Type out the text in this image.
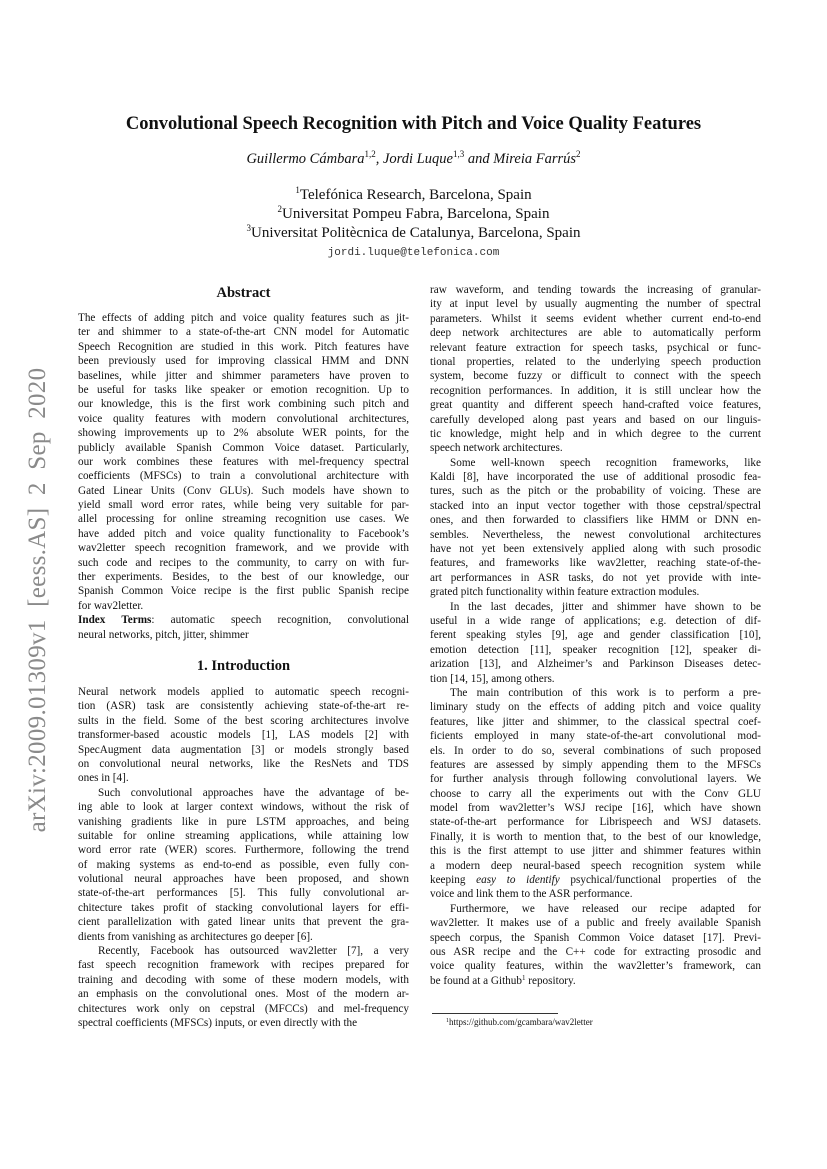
arXiv:2009.01309v1 [eess.AS] 2 Sep 2020
Convolutional Speech Recognition with Pitch and Voice Quality Features
Guillermo Cámbara$^{1,2}$, Jordi Luque$^{1,3}$ and Mireia Farrús$^2$
$^1$Telefónica Research, Barcelona, Spain
$^2$Universitat Pompeu Fabra, Barcelona, Spain
$^3$Universitat Politècnica de Catalunya, Barcelona, Spain
jordi.luque@telefonica.com
Abstract
The effects of adding pitch and voice quality features such as jit-
ter and shimmer to a state-of-the-art CNN model for Automatic
Speech Recognition are studied in this work. Pitch features have
been previously used for improving classical HMM and DNN
baselines, while jitter and shimmer parameters have proven to
be useful for tasks like speaker or emotion recognition. Up to
our knowledge, this is the first work combining such pitch and
voice quality features with modern convolutional architectures,
showing improvements up to 2% absolute WER points, for the
publicly available Spanish Common Voice dataset. Particularly,
our work combines these features with mel-frequency spectral
coefficients (MFSCs) to train a convolutional architecture with
Gated Linear Units (Conv GLUs). Such models have shown to
yield small word error rates, while being very suitable for par-
allel processing for online streaming recognition use cases. We
have added pitch and voice quality functionality to Facebook’s
wav2letter speech recognition framework, and we provide with
such code and recipes to the community, to carry on with fur-
ther experiments. Besides, to the best of our knowledge, our
Spanish Common Voice recipe is the first public Spanish recipe
for wav2letter.
Index Terms: automatic speech recognition, convolutional
neural networks, pitch, jitter, shimmer
1. Introduction
Neural network models applied to automatic speech recogni-
tion (ASR) task are consistently achieving state-of-the-art re-
sults in the field. Some of the best scoring architectures involve
transformer-based acoustic models [1], LAS models [2] with
SpecAugment data augmentation [3] or models strongly based
on convolutional neural networks, like the ResNets and TDS
ones in [4].
Such convolutional approaches have the advantage of be-
ing able to look at larger context windows, without the risk of
vanishing gradients like in pure LSTM approaches, and being
suitable for online streaming applications, while attaining low
word error rate (WER) scores. Furthermore, following the trend
of making systems as end-to-end as possible, even fully con-
volutional neural approaches have been proposed, and shown
state-of-the-art performances [5]. This fully convolutional ar-
chitecture takes profit of stacking convolutional layers for effi-
cient parallelization with gated linear units that prevent the gra-
dients from vanishing as architectures go deeper [6].
Recently, Facebook has outsourced wav2letter [7], a very
fast speech recognition framework with recipes prepared for
training and decoding with some of these modern models, with
an emphasis on the convolutional ones. Most of the modern ar-
chitectures work only on cepstral (MFCCs) and mel-frequency
spectral coefficients (MFSCs) inputs, or even directly with the
raw waveform, and tending towards the increasing of granular-
ity at input level by usually augmenting the number of spectral
parameters. Whilst it seems evident whether current end-to-end
deep network architectures are able to automatically perform
relevant feature extraction for speech tasks, psychical or func-
tional properties, related to the underlying speech production
system, become fuzzy or difficult to connect with the speech
recognition performances. In addition, it is still unclear how the
great quantity and different speech hand-crafted voice features,
carefully developed along past years and based on our linguis-
tic knowledge, might help and in which degree to the current
speech network architectures.
Some well-known speech recognition frameworks, like
Kaldi [8], have incorporated the use of additional prosodic fea-
tures, such as the pitch or the probability of voicing. These are
stacked into an input vector together with those cepstral/spectral
ones, and then forwarded to classifiers like HMM or DNN en-
sembles. Nevertheless, the newest convolutional architectures
have not yet been extensively applied along with such prosodic
features, and frameworks like wav2letter, reaching state-of-the-
art performances in ASR tasks, do not yet provide with inte-
grated pitch functionality within feature extraction modules.
In the last decades, jitter and shimmer have shown to be
useful in a wide range of applications; e.g. detection of dif-
ferent speaking styles [9], age and gender classification [10],
emotion detection [11], speaker recognition [12], speaker di-
arization [13], and Alzheimer’s and Parkinson Diseases detec-
tion [14, 15], among others.
The main contribution of this work is to perform a pre-
liminary study on the effects of adding pitch and voice quality
features, like jitter and shimmer, to the classical spectral coef-
ficients employed in many state-of-the-art convolutional mod-
els. In order to do so, several combinations of such proposed
features are assessed by simply appending them to the MFSCs
for further analysis through following convolutional layers. We
choose to carry all the experiments out with the Conv GLU
model from wav2letter’s WSJ recipe [16], which have shown
state-of-the-art performance for Librispeech and WSJ datasets.
Finally, it is worth to mention that, to the best of our knowledge,
this is the first attempt to use jitter and shimmer features within
a modern deep neural-based speech recognition system while
keeping easy to identify psychical/functional properties of the
voice and link them to the ASR performance.
Furthermore, we have released our recipe adapted for
wav2letter. It makes use of a public and freely available Spanish
speech corpus, the Spanish Common Voice dataset [17]. Previ-
ous ASR recipe and the C++ code for extracting prosodic and
voice quality features, within the wav2letter’s framework, can
be found at a Github$^1$ repository.
$^1$https://github.com/gcambara/wav2letter
